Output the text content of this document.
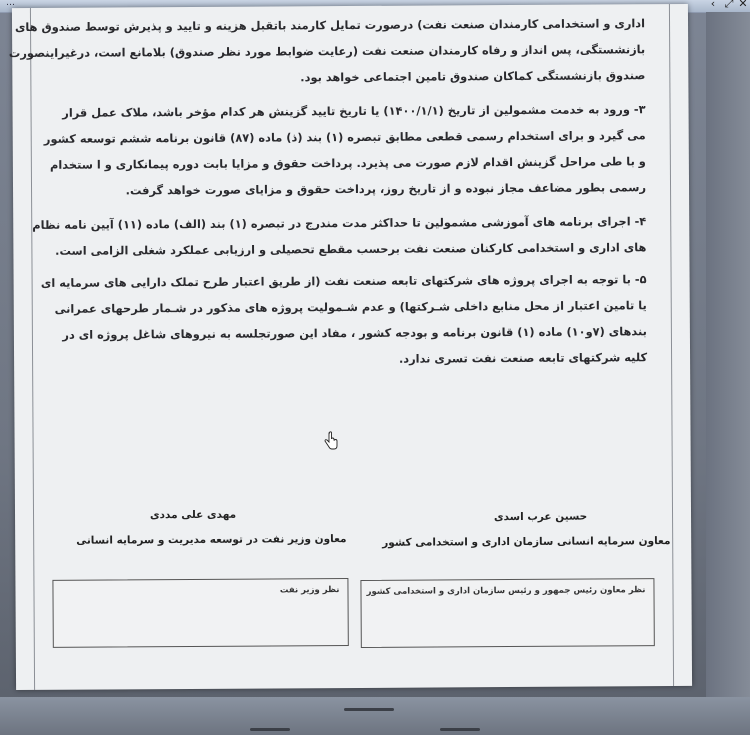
…	‹ ⤢ ✕
اداری و استخدامی کارمندان صنعت نفت) درصورت تمایل کارمند باتقبل هزینه و تایید و پذیرش توسط صندوق های
بازنشستگی، پس انداز و رفاه کارمندان صنعت نفت (رعایت ضوابط مورد نظر صندوق) بلامانع است، درغیراینصورت
صندوق بازنشستگی کماکان صندوق تامین اجتماعی خواهد بود.
۳- ورود به خدمت مشمولین از تاریخ (۱۴۰۰/۱/۱) یا تاریخ تایید گزینش هر کدام مؤخر باشد، ملاک عمل قرار
می گیرد و برای استخدام رسمی قطعی مطابق تبصره (۱) بند (ذ) ماده (۸۷) قانون برنامه ششم توسعه کشور
و با طی مراحل گزینش اقدام لازم صورت می پذیرد. پرداخت حقوق و مزایا بابت دوره پیمانکاری و ا ستخدام
رسمی بطور مضاعف مجاز نبوده و از تاریخ روز، پرداخت حقوق و مزایای صورت خواهد گرفت.
۴- اجرای برنامه های آموزشی مشمولین تا حداکثر مدت مندرج در تبصره (۱) بند (الف) ماده (۱۱) آیین نامه نظام
های اداری و استخدامی کارکنان صنعت نفت برحسب مقطع تحصیلی و ارزیابی عملکرد شغلی الزامی است.
۵- با توجه به اجرای پروژه های شرکتهای تابعه صنعت نفت (از طریق اعتبار طرح تملک دارایی های سرمایه ای
یا تامین اعتبار از محل منابع داخلی شـرکتها) و عدم شـمولیت پروژه های مذکور در شـمار طرحهای عمرانی
بندهای (۷و۱۰) ماده (۱) قانون برنامه و بودجه کشور ، مفاد این صورتجلسه به نیروهای شاغل پروژه ای در
کلیه شرکتهای تابعه صنعت نفت تسری ندارد.
مهدی علی مددی
معاون وزیر نفت در توسعه مدیریت و سرمایه انسانی
حسین عرب اسدی
معاون سرمایه انسانی سازمان اداری و استخدامی کشور
نظر وزیر نفت	نظر معاون رئیس جمهور و رئیس سازمان اداری و استخدامی کشور
